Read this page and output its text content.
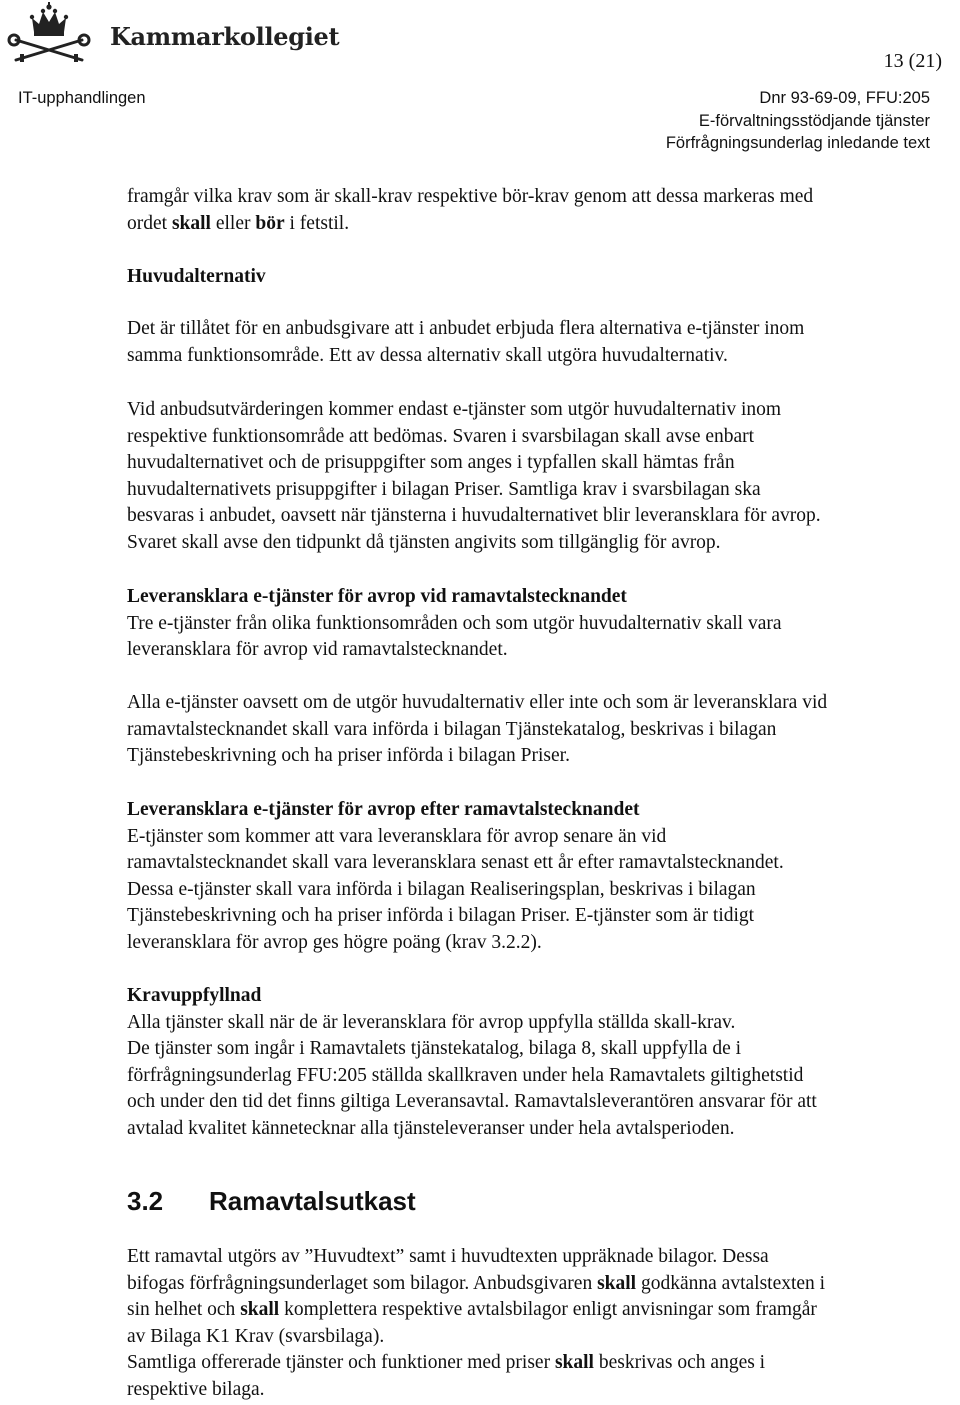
Kammarkollegiet
13 (21)
IT-upphandlingen	Dnr 93-69-09, FFU:205
E-förvaltningsstödjande tjänster
Förfrågningsunderlag inledande text

framgår vilka krav som är skall-krav respektive bör-krav genom att dessa markeras med

ordet skall eller bör i fetstil.

Huvudalternativ

Det är tillåtet för en anbudsgivare att i anbudet erbjuda flera alternativa e-tjänster inom

samma funktionsområde. Ett av dessa alternativ skall utgöra huvudalternativ.

Vid anbudsutvärderingen kommer endast e-tjänster som utgör huvudalternativ inom

respektive funktionsområde att bedömas. Svaren i svarsbilagan skall avse enbart

huvudalternativet och de prisuppgifter som anges i typfallen skall hämtas från

huvudalternativets prisuppgifter i bilagan Priser. Samtliga krav i svarsbilagan ska

besvaras i anbudet, oavsett när tjänsterna i huvudalternativet blir leveransklara för avrop.

Svaret skall avse den tidpunkt då tjänsten angivits som tillgänglig för avrop.

Leveransklara e-tjänster för avrop vid ramavtalstecknandet

Tre e-tjänster från olika funktionsområden och som utgör huvudalternativ skall vara

leveransklara för avrop vid ramavtalstecknandet.

Alla e-tjänster oavsett om de utgör huvudalternativ eller inte och som är leveransklara vid

ramavtalstecknandet skall vara införda i bilagan Tjänstekatalog, beskrivas i bilagan

Tjänstebeskrivning och ha priser införda i bilagan Priser.

Leveransklara e-tjänster för avrop efter ramavtalstecknandet

E-tjänster som kommer att vara leveransklara för avrop senare än vid

ramavtalstecknandet skall vara leveransklara senast ett år efter ramavtalstecknandet.

Dessa e-tjänster skall vara införda i bilagan Realiseringsplan, beskrivas i bilagan

Tjänstebeskrivning och ha priser införda i bilagan Priser. E-tjänster som är tidigt

leveransklara för avrop ges högre poäng (krav 3.2.2).

Kravuppfyllnad

Alla tjänster skall när de är leveransklara för avrop uppfylla ställda skall-krav.

De tjänster som ingår i Ramavtalets tjänstekatalog, bilaga 8, skall uppfylla de i

förfrågningsunderlag FFU:205 ställda skallkraven under hela Ramavtalets giltighetstid

och under den tid det finns giltiga Leveransavtal. Ramavtalsleverantören ansvarar för att

avtalad kvalitet kännetecknar alla tjänsteleveranser under hela avtalsperioden.

3.2 Ramavtalsutkast

Ett ramavtal utgörs av ”Huvudtext” samt i huvudtexten uppräknade bilagor. Dessa

bifogas förfrågningsunderlaget som bilagor. Anbudsgivaren skall godkänna avtalstexten i

sin helhet och skall komplettera respektive avtalsbilagor enligt anvisningar som framgår

av Bilaga K1 Krav (svarsbilaga).

Samtliga offererade tjänster och funktioner med priser skall beskrivas och anges i

respektive bilaga.
